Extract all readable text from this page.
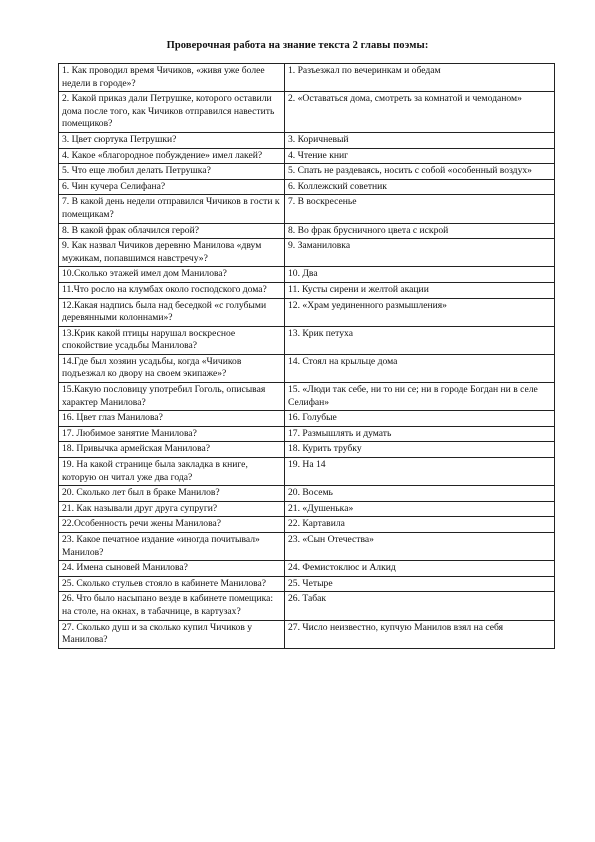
Проверочная работа на знание текста 2 главы поэмы:
1. Как проводил время Чичиков, «живя уже более недели в городе»?	1. Разъезжал по вечеринкам и обедам
2. Какой приказ дали Петрушке, которого оставили дома после того, как Чичиков отправился навестить помещиков?	2. «Оставаться дома, смотреть за комнатой и чемоданом»
3. Цвет сюртука Петрушки?	3. Коричневый
4. Какое «благородное побуждение» имел лакей?	4. Чтение книг
5. Что еще любил делать Петрушка?	5. Спать не раздеваясь, носить с собой «особенный воздух»
6. Чин кучера Селифана?	6. Коллежский советник
7. В какой день недели отправился Чичиков в гости к помещикам?	7. В воскресенье
8. В какой фрак облачился герой?	8. Во фрак брусничного цвета с искрой
9. Как назвал Чичиков деревню Манилова «двум мужикам, попавшимся навстречу»?	9. Заманиловка
10.Сколько этажей имел дом Манилова?	10. Два
11.Что росло на клумбах около господского дома?	11. Кусты сирени и желтой акации
12.Какая надпись была над беседкой «с голубыми деревянными колоннами»?	12. «Храм уединенного размышления»
13.Крик какой птицы нарушал воскресное спокойствие усадьбы Манилова?	13. Крик петуха
14.Где был хозяин усадьбы, когда «Чичиков подъезжал ко двору на своем экипаже»?	14. Стоял на крыльце дома
15.Какую пословицу употребил Гоголь, описывая характер Манилова?	15. «Люди так себе, ни то ни се; ни в городе Богдан ни в селе Селифан»
16. Цвет глаз Манилова?	16. Голубые
17. Любимое занятие Манилова?	17. Размышлять и думать
18. Привычка армейская Манилова?	18. Курить трубку
19. На какой странице была закладка в книге, которую он читал уже два года?	19. На 14
20. Сколько лет был в браке Манилов?	20. Восемь
21. Как называли друг друга супруги?	21. «Душенька»
22.Особенность речи жены Манилова?	22. Картавила
23. Какое печатное издание «иногда почитывал» Манилов?	23. «Сын Отечества»
24. Имена сыновей Манилова?	24. Фемистоклюс и Алкид
25. Сколько стульев стояло в кабинете Манилова?	25. Четыре
26. Что было насыпано везде в кабинете помещика: на столе, на окнах, в табачнице, в картузах?	26. Табак
27. Сколько душ и за сколько купил Чичиков у Манилова?	27. Число неизвестно, купчую Манилов взял на себя
